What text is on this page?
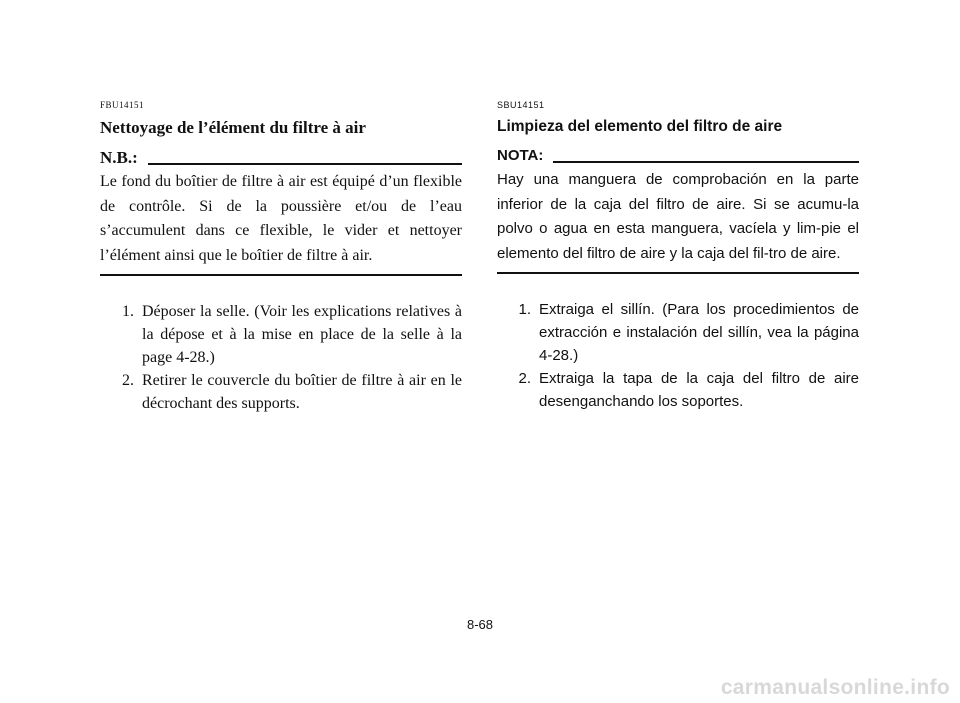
FBU14151
Nettoyage de l’élément du filtre à air
N.B.:
Le fond du boîtier de filtre à air est équipé d’un flexible de contrôle. Si de la poussière et/ou de l’eau s’accumulent dans ce flexible, le vider et nettoyer l’élément ainsi que le boîtier de filtre à air.
1. Déposer la selle. (Voir les explications relatives à la dépose et à la mise en place de la selle à la page 4-28.)
2. Retirer le couvercle du boîtier de filtre à air en le décrochant des supports.
SBU14151
Limpieza del elemento del filtro de aire
NOTA:
Hay una manguera de comprobación en la parte inferior de la caja del filtro de aire. Si se acumu-la polvo o agua en esta manguera, vacíela y lim-pie el elemento del filtro de aire y la caja del fil-tro de aire.
1. Extraiga el sillín. (Para los procedimientos de extracción e instalación del sillín, vea la página 4-28.)
2. Extraiga la tapa de la caja del filtro de aire desenganchando los soportes.
8-68
carmanualsonline.info
